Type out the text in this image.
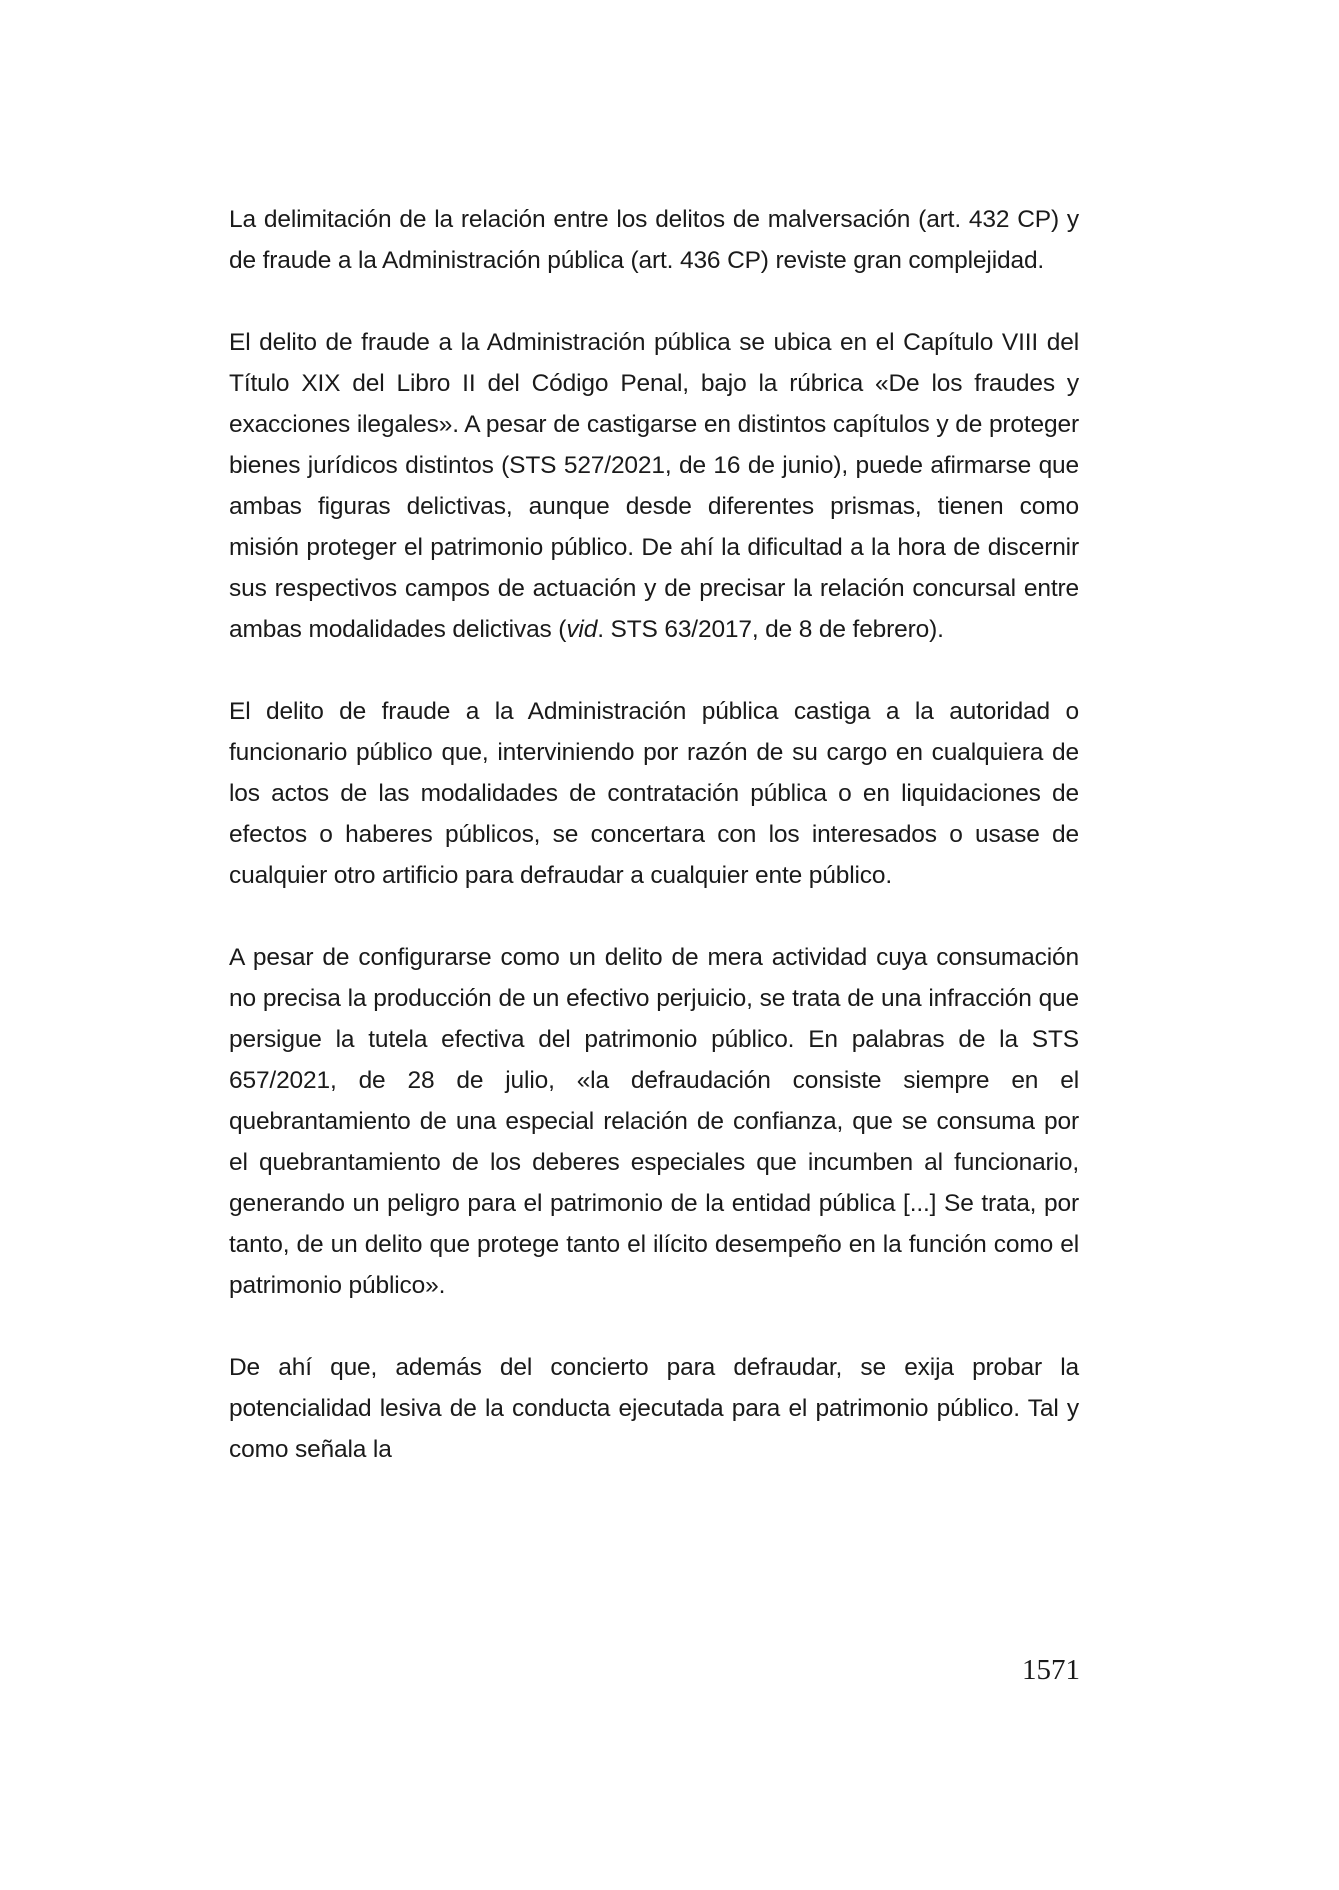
La delimitación de la relación entre los delitos de malversación (art. 432 CP) y de fraude a la Administración pública (art. 436 CP) reviste gran complejidad.

El delito de fraude a la Administración pública se ubica en el Capítulo VIII del Título XIX del Libro II del Código Penal, bajo la rúbrica «De los fraudes y exacciones ilegales». A pesar de castigarse en distintos capítulos y de proteger bienes jurídicos distintos (STS 527/2021, de 16 de junio), puede afirmarse que ambas figuras delictivas, aunque desde diferentes prismas, tienen como misión proteger el patrimonio público. De ahí la dificultad a la hora de discernir sus respectivos campos de actuación y de precisar la relación concursal entre ambas modalidades delictivas (vid. STS 63/2017, de 8 de febrero).

El delito de fraude a la Administración pública castiga a la autoridad o funcionario público que, interviniendo por razón de su cargo en cualquiera de los actos de las modalidades de contratación pública o en liquidaciones de efectos o haberes públicos, se concertara con los interesados o usase de cualquier otro artificio para defraudar a cualquier ente público.

A pesar de configurarse como un delito de mera actividad cuya consumación no precisa la producción de un efectivo perjuicio, se trata de una infracción que persigue la tutela efectiva del patrimonio público. En palabras de la STS 657/2021, de 28 de julio, «la defraudación consiste siempre en el quebrantamiento de una especial relación de confianza, que se consuma por el quebrantamiento de los deberes especiales que incumben al funcionario, generando un peligro para el patrimonio de la entidad pública [...] Se trata, por tanto, de un delito que protege tanto el ilícito desempeño en la función como el patrimonio público».

De ahí que, además del concierto para defraudar, se exija probar la potencialidad lesiva de la conducta ejecutada para el patrimonio público. Tal y como señala la

1571
